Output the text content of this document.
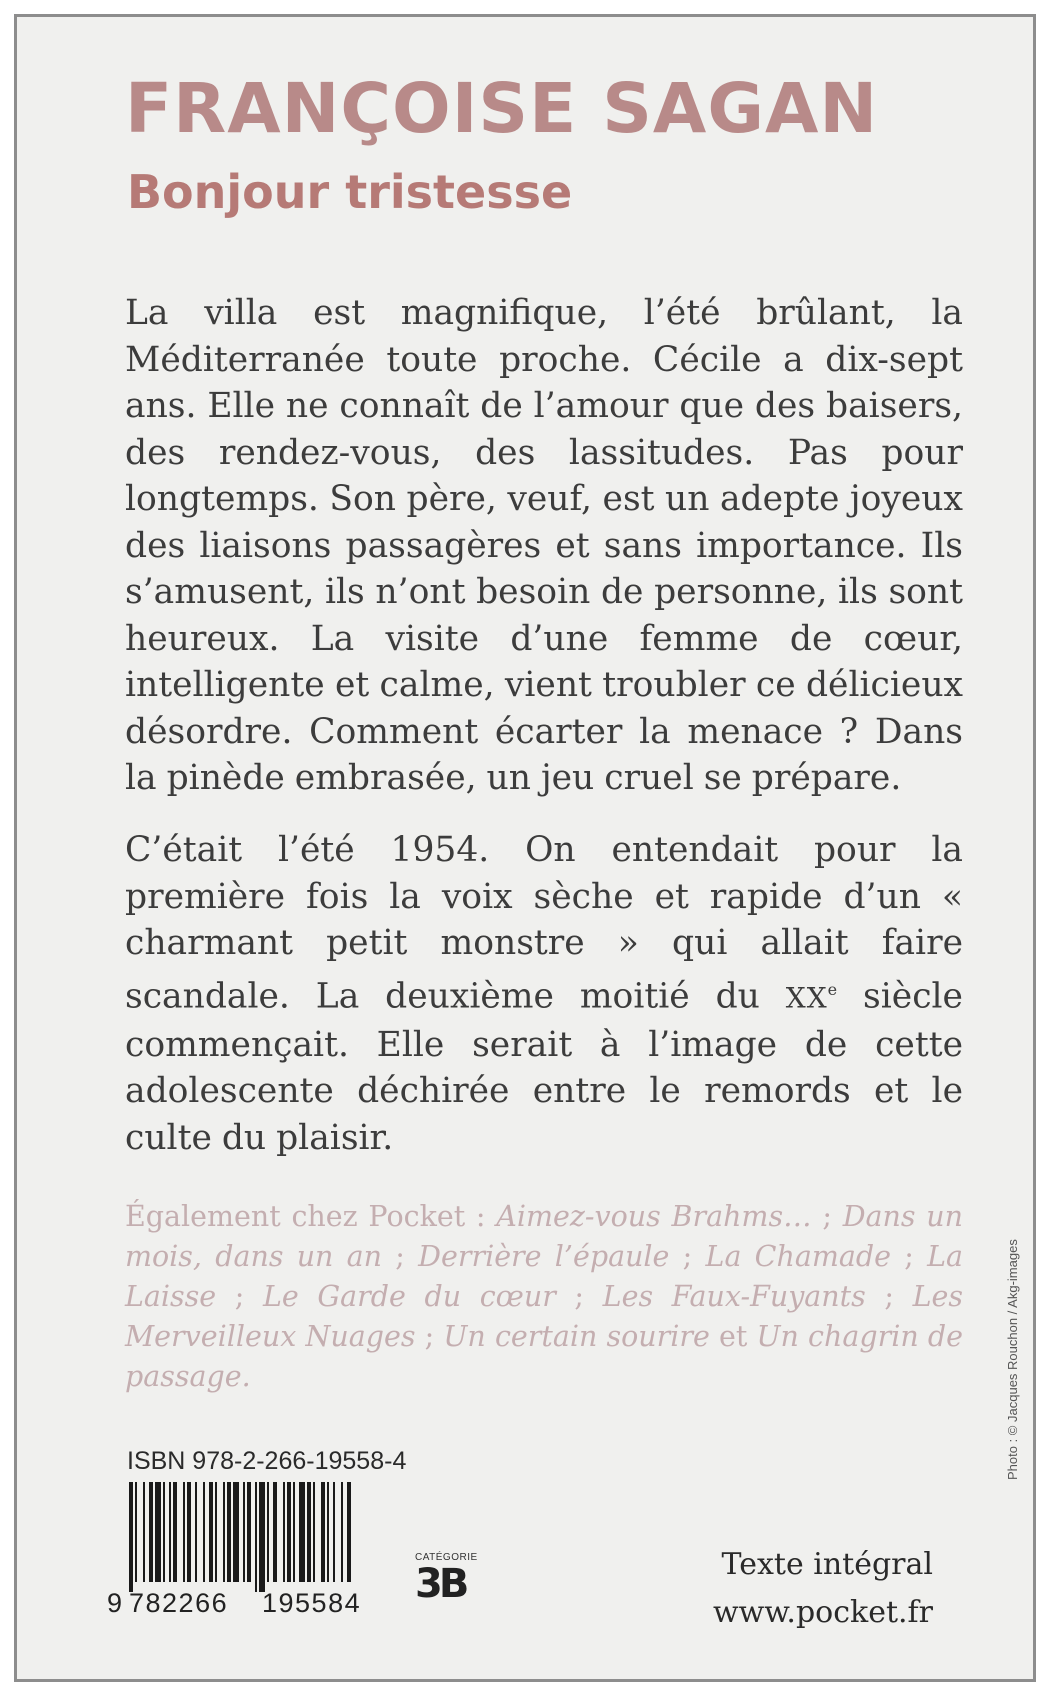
FRANÇOISE SAGAN
Bonjour tristesse

La villa est magnifique, l’été brûlant, la Méditerranée toute proche. Cécile a dix-sept ans. Elle ne connaît de l’amour que des baisers, des rendez-vous, des lassitudes. Pas pour longtemps. Son père, veuf, est un adepte joyeux des liaisons passagères et sans importance. Ils s’amusent, ils n’ont besoin de personne, ils sont heureux. La visite d’une femme de cœur, intelligente et calme, vient troubler ce délicieux désordre. Comment écarter la menace ? Dans la pinède embrasée, un jeu cruel se prépare.

C’était l’été 1954. On entendait pour la première fois la voix sèche et rapide d’un « charmant petit monstre » qui allait faire scandale. La deuxième moitié du XXe siècle commençait. Elle serait à l’image de cette adolescente déchirée entre le remords et le culte du plaisir.

Également chez Pocket : Aimez-vous Brahms… ; Dans un mois, dans un an ; Derrière l’épaule ; La Chamade ; La Laisse ; Le Garde du cœur ; Les Faux-Fuyants ; Les Merveilleux Nuages ; Un certain sourire et Un chagrin de passage.

ISBN 978-2-266-19558-4
9 782266 195584
CATÉGORIE
3B	Texte intégral
www.pocket.fr
Photo : © Jacques Rouchon / Akg-images
